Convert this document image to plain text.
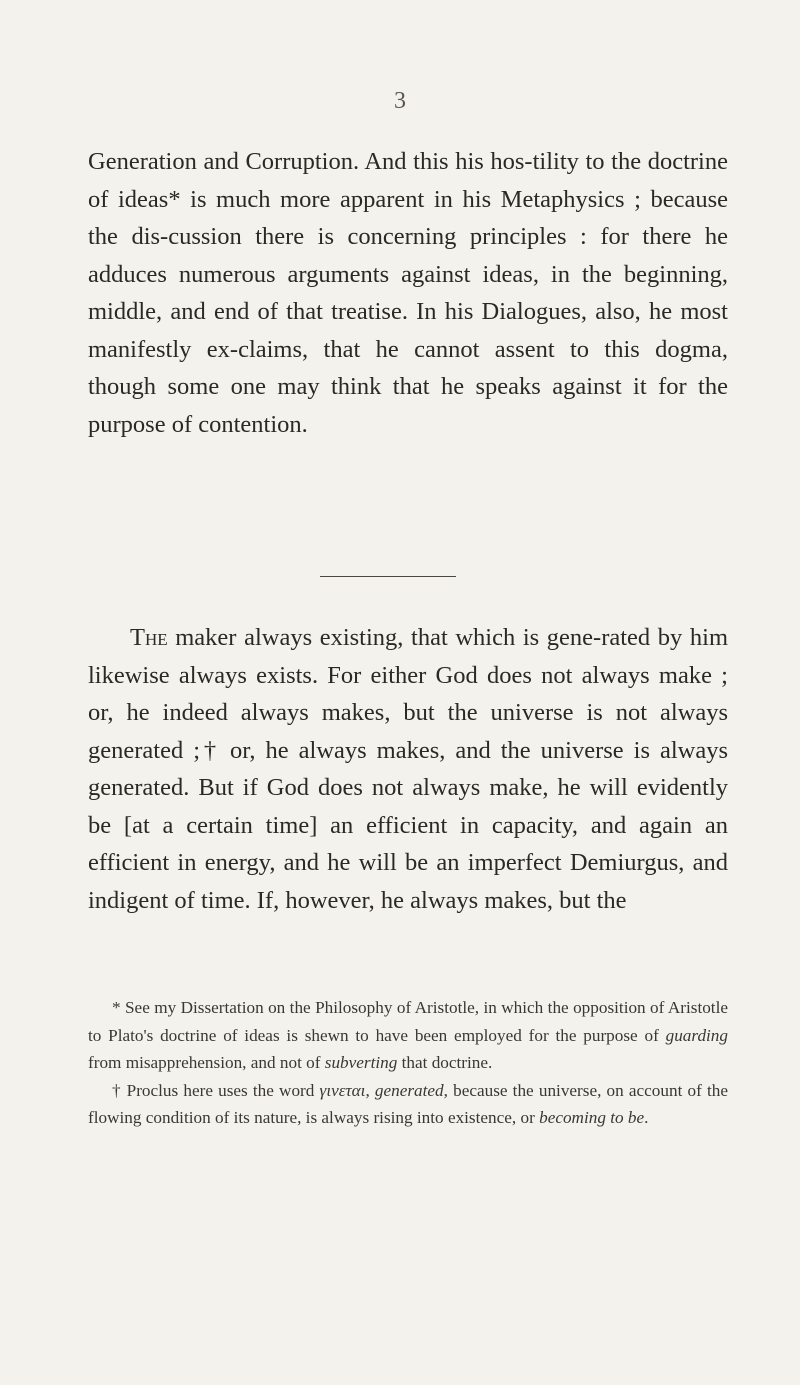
3

Generation and Corruption. And this his hos-tility to the doctrine of ideas* is much more apparent in his Metaphysics ; because the dis-cussion there is concerning principles : for there he adduces numerous arguments against ideas, in the beginning, middle, and end of that treatise. In his Dialogues, also, he most manifestly ex-claims, that he cannot assent to this dogma, though some one may think that he speaks against it for the purpose of contention.

The maker always existing, that which is gene-rated by him likewise always exists. For either God does not always make ; or, he indeed always makes, but the universe is not always generated ;† or, he always makes, and the universe is always generated. But if God does not always make, he will evidently be [at a certain time] an efficient in capacity, and again an efficient in energy, and he will be an imperfect Demiurgus, and indigent of time. If, however, he always makes, but the

* See my Dissertation on the Philosophy of Aristotle, in which the opposition of Aristotle to Plato's doctrine of ideas is shewn to have been employed for the purpose of guarding from misapprehension, and not of subverting that doctrine.

† Proclus here uses the word γινεται, generated, because the universe, on account of the flowing condition of its nature, is always rising into existence, or becoming to be.
